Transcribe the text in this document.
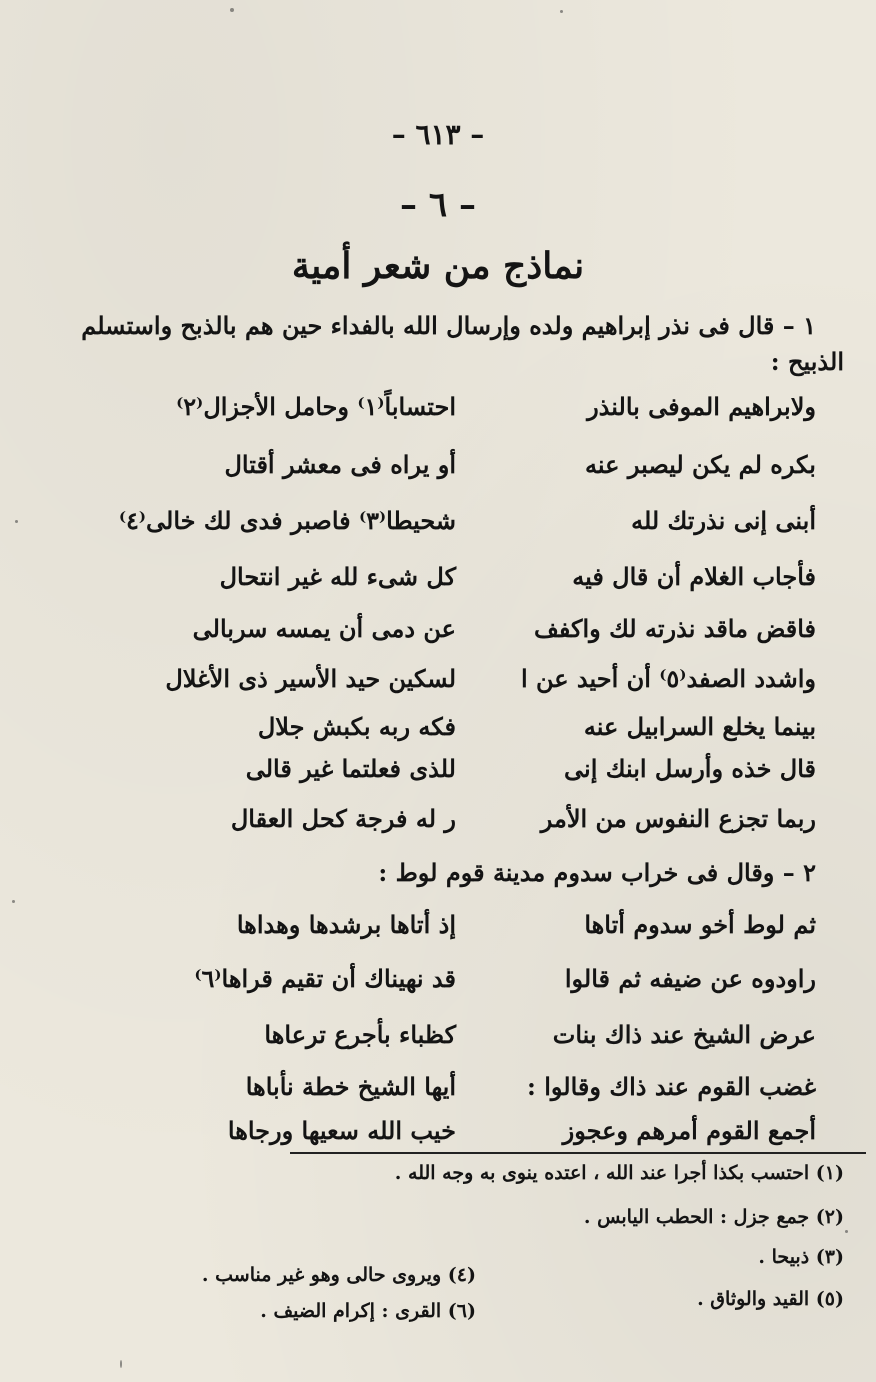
– ٦١٣ –
– ٦ –
نماذج من شعر أمية
١ – قال فى نذر إبراهيم ولده وإرسال الله بالفداء حين هم بالذبح واستسلم
الذبيح :
ولابراهيم الموفى بالنذر
احتساباً⁽١⁾ وحامل الأجزال⁽٢⁾
بكره لم يكن ليصبر عنه
أو يراه فى معشر أقتال
أبنى إنى نذرتك لله
شحيطا⁽٣⁾ فاصبر فدى لك خالى⁽٤⁾
فأجاب الغلام أن قال فيه
كل شىء لله غير انتحال
فاقض ماقد نذرته لك واكفف
عن دمى أن يمسه سربالى
واشدد الصفد⁽٥⁾ أن أحيد عن ا
لسكين حيد الأسير ذى الأغلال
بينما يخلع السرابيل عنه
فكه ربه بكبش جلال
قال خذه وأرسل ابنك إنى
للذى فعلتما غير قالى
ربما تجزع النفوس من الأمر
ر له فرجة كحل العقال
٢ – وقال فى خراب سدوم مدينة قوم لوط :
ثم لوط أخو سدوم أتاها
إذ أتاها برشدها وهداها
راودوه عن ضيفه ثم قالوا
قد نهيناك أن تقيم قراها⁽٦⁾
عرض الشيخ عند ذاك بنات
كظباء بأجرع ترعاها
غضب القوم عند ذاك وقالوا :
أيها الشيخ خطة نأباها
أجمع القوم أمرهم وعجوز
خيب الله سعيها ورجاها
(١) احتسب بكذا أجرا عند الله ، اعتده ينوى به وجه الله .
(٢) جمع جزل : الحطب اليابس .
(٣) ذبيحا .
(٤) ويروى حالى وهو غير مناسب .
(٥) القيد والوثاق .
(٦) القرى : إكرام الضيف .
